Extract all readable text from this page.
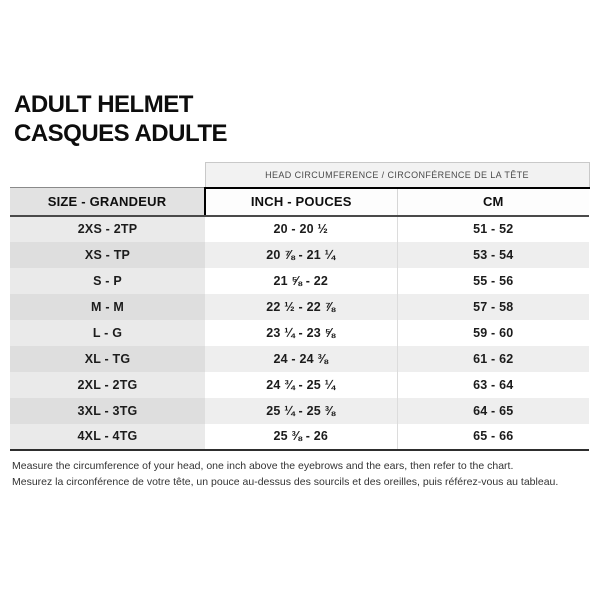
ADULT HELMET
CASQUES ADULTE
	HEAD CIRCUMFERENCE / CIRCONFÉRENCE DE LA TÊTE	
SIZE - GRANDEUR	INCH - POUCES	CM
2XS - 2TP	20 - 20 ½	51 - 52
XS - TP	20 ⅞ - 21 ¼	53 - 54
S - P	21 ⅝ - 22	55 - 56
M - M	22 ½ - 22 ⅞	57 - 58
L - G	23 ¼ - 23 ⅝	59 - 60
XL - TG	24 - 24 ⅜	61 - 62
2XL - 2TG	24 ¾ - 25 ¼	63 - 64
3XL - 3TG	25 ¼ - 25 ⅜	64 - 65
4XL - 4TG	25 ⅜ - 26	65 - 66
Measure the circumference of your head, one inch above the eyebrows and the ears, then refer to the chart.
Mesurez la circonférence de votre tête, un pouce au-dessus des sourcils et des oreilles, puis référez-vous au tableau.
